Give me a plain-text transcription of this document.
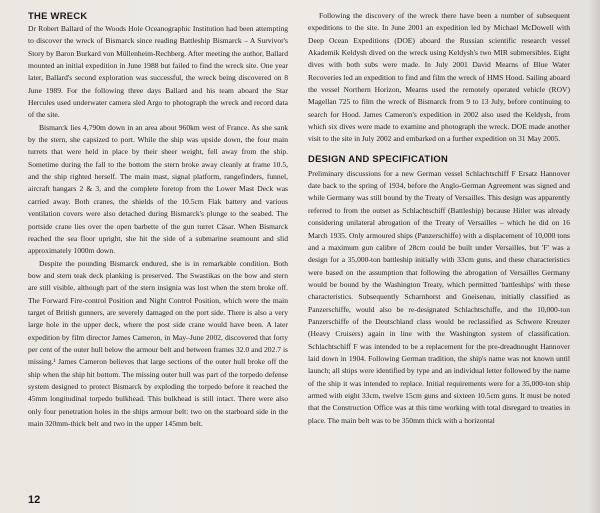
THE WRECK

Dr Robert Ballard of the Woods Hole Oceanographic Institution had been attempting to discover the wreck of Bismarck since reading Battleship Bismarck – A Survivor's Story by Baron Burkard von Müllenheim-Rechberg. After meeting the author, Ballard mounted an initial expedition in June 1988 but failed to find the wreck site. One year later, Ballard's second exploration was successful, the wreck being discovered on 8 June 1989. For the following three days Ballard and his team aboard the Star Hercules used underwater camera sled Argo to photograph the wreck and record data of the site.

Bismarck lies 4,790m down in an area about 960km west of France. As she sank by the stern, she capsized to port. While the ship was upside down, the four main turrets that were held in place by their sheer weight, fell away from the ship. Sometime during the fall to the bottom the stern broke away cleanly at frame 10.5, and the ship righted herself. The main mast, signal platform, rangefinders, funnel, aircraft hangars 2 & 3, and the complete foretop from the Lower Mast Deck was carried away. Both cranes, the shields of the 10.5cm Flak battery and various ventilation covers were also detached during Bismarck's plunge to the seabed. The portside crane lies over the open barbette of the gun turret Cäsar. When Bismarck reached the sea floor upright, she hit the side of a submarine seamount and slid approximately 1000m down.

Despite the pounding Bismarck endured, she is in remarkable condition. Both bow and stern teak deck planking is preserved. The Swastikas on the bow and stern are still visible, although part of the stern insignia was lost when the stern broke off. The Forward Fire-control Position and Night Control Position, which were the main target of British gunners, are severely damaged on the port side. There is also a very large hole in the upper deck, where the post side crane would have been. A later expedition by film director James Cameron, in May–June 2002, discovered that forty per cent of the outer hull below the armour belt and between frames 32.0 and 202.7 is missing.¹ James Cameron believes that large sections of the outer hull broke off the ship when the ship hit bottom. The missing outer hull was part of the torpedo defense system designed to protect Bismarck by exploding the torpedo before it reached the 45mm longitudinal torpedo bulkhead. This bulkhead is still intact. There were also only four penetration holes in the ships armour belt: two on the starboard side in the main 320mm-thick belt and two in the upper 145mm belt.

Following the discovery of the wreck there have been a number of subsequent expeditions to the site. In June 2001 an expedition led by Michael McDowell with Deep Ocean Expeditions (DOE) aboard the Russian scientific research vessel Akademik Keldysh dived on the wreck using Keldysh's two MIR submersibles. Eight dives with both subs were made. In July 2001 David Mearns of Blue Water Recoveries led an expedition to find and film the wreck of HMS Hood. Sailing aboard the vessel Northern Horizon, Mearns used the remotely operated vehicle (ROV) Magellan 725 to film the wreck of Bismarck from 9 to 13 July, before continuing to search for Hood. James Cameron's expedition in 2002 also used the Keldysh, from which six dives were made to examine and photograph the wreck. DOE made another visit to the site in July 2002 and embarked on a further expedition on 31 May 2005.

DESIGN AND SPECIFICATION

Preliminary discussions for a new German vessel Schlachtschiff F Ersatz Hannover date back to the spring of 1934, before the Anglo-German Agreement was signed and while Germany was still bound by the Treaty of Versailles. This design was apparently referred to from the outset as Schlachtschiff (Battleship) because Hitler was already considering unilateral abrogation of the Treaty of Versailles – which he did on 16 March 1935. Only armoured ships (Panzerschiffe) with a displacement of 10,000 tons and a maximum gun calibre of 28cm could be built under Versailles, but 'F' was a design for a 35,000-ton battleship initially with 33cm guns, and these characteristics were based on the assumption that following the abrogation of Versailles Germany would be bound by the Washington Treaty, which permitted 'battleships' with these characteristics. Subsequently Scharnhorst and Gneisenau, initially classified as Panzerschiffe, would also be re-designated Schlachtschiffe, and the 10,000-ton Panzerschiffe of the Deutschland class would be reclassified as Schwere Kreuzer (Heavy Cruisers) again in line with the Washington system of classification. Schlachtschiff F was intended to be a replacement for the pre-dreadnought Hannover laid down in 1904. Following German tradition, the ship's name was not known until launch; all ships were identified by type and an individual letter followed by the name of the ship it was intended to replace. Initial requirements were for a 35,000-ton ship armed with eight 33cm, twelve 15cm guns and sixteen 10.5cm guns. It must be noted that the Construction Office was at this time working with total disregard to treaties in place. The main belt was to be 350mm thick with a horizontal

12
